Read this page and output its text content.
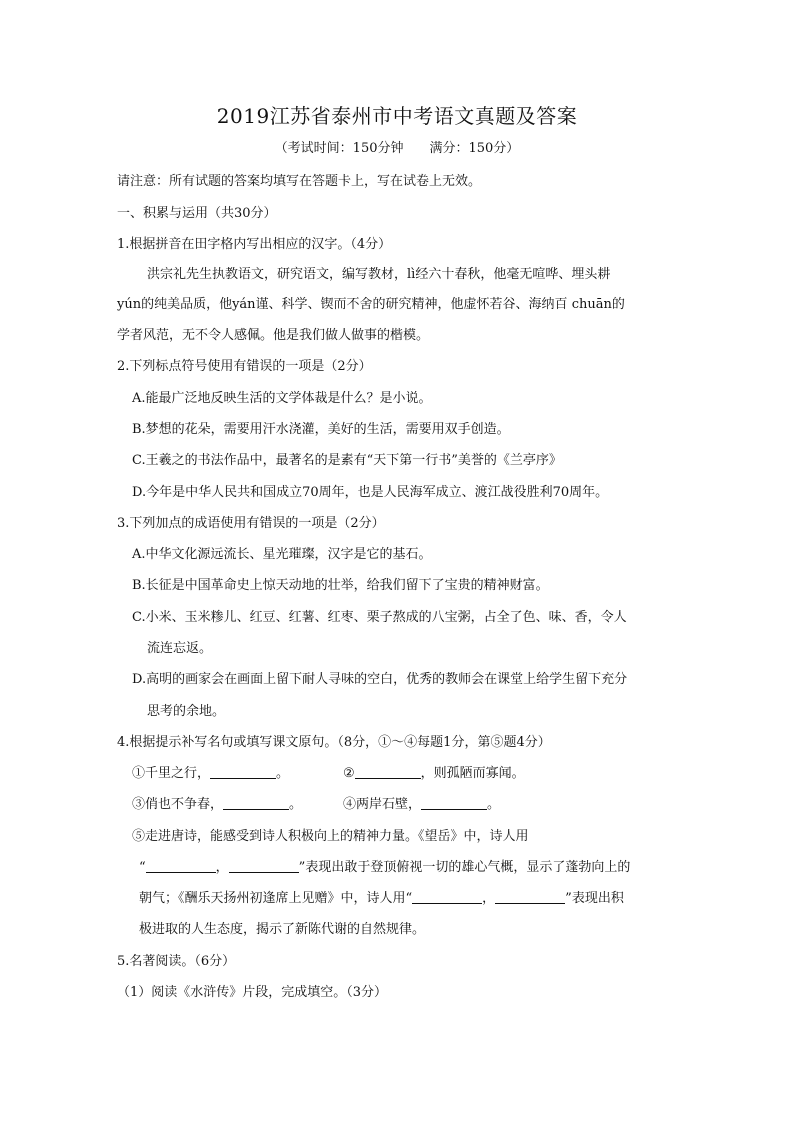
2019江苏省泰州市中考语文真题及答案
（考试时间：150分钟　　满分：150分）
请注意：所有试题的答案均填写在答题卡上，写在试卷上无效。
一、积累与运用（共30分）
1.根据拼音在田字格内写出相应的汉字。（4分）
洪宗礼先生执教语文，研究语文，编写教材，lì经六十春秋，他毫无喧哗、埋头耕
yún的纯美品质，他yán谨、科学、锲而不舍的研究精神，他虚怀若谷、海纳百 chuān的
学者风范，无不令人感佩。他是我们做人做事的楷模。
2.下列标点符号使用有错误的一项是（2分）
A.能最广泛地反映生活的文学体裁是什么？是小说。
B.梦想的花朵，需要用汗水浇灌，美好的生活，需要用双手创造。
C.王羲之的书法作品中，最著名的是素有“天下第一行书”美誉的《兰亭序》
D.今年是中华人民共和国成立70周年，也是人民海军成立、渡江战役胜利70周年。
3.下列加点的成语使用有错误的一项是（2分）
A.中华文化源远流长、星光璀璨，汉字是它的基石。
B.长征是中国革命史上惊天动地的壮举，给我们留下了宝贵的精神财富。
C.小米、玉米糁儿、红豆、红薯、红枣、栗子熬成的八宝粥，占全了色、味、香，令人
流连忘返。
D.高明的画家会在画面上留下耐人寻味的空白，优秀的教师会在课堂上给学生留下充分
思考的余地。
4.根据提示补写名句或填写课文原句。（8分，①～④每题1分，第⑤题4分）
①千里之行，	。	②	，则孤陋而寡闻。
③俏也不争春，	。	④两岸石壁，	。
⑤走进唐诗，能感受到诗人积极向上的精神力量。《望岳》中，诗人用
“	，	”表现出敢于登顶俯视一切的雄心气概，显示了蓬勃向上的
朝气；《酬乐天扬州初逢席上见赠》中，诗人用“	，	”表现出积
极进取的人生态度，揭示了新陈代谢的自然规律。
5.名著阅读。（6分）
（1）阅读《水浒传》片段，完成填空。（3分）
